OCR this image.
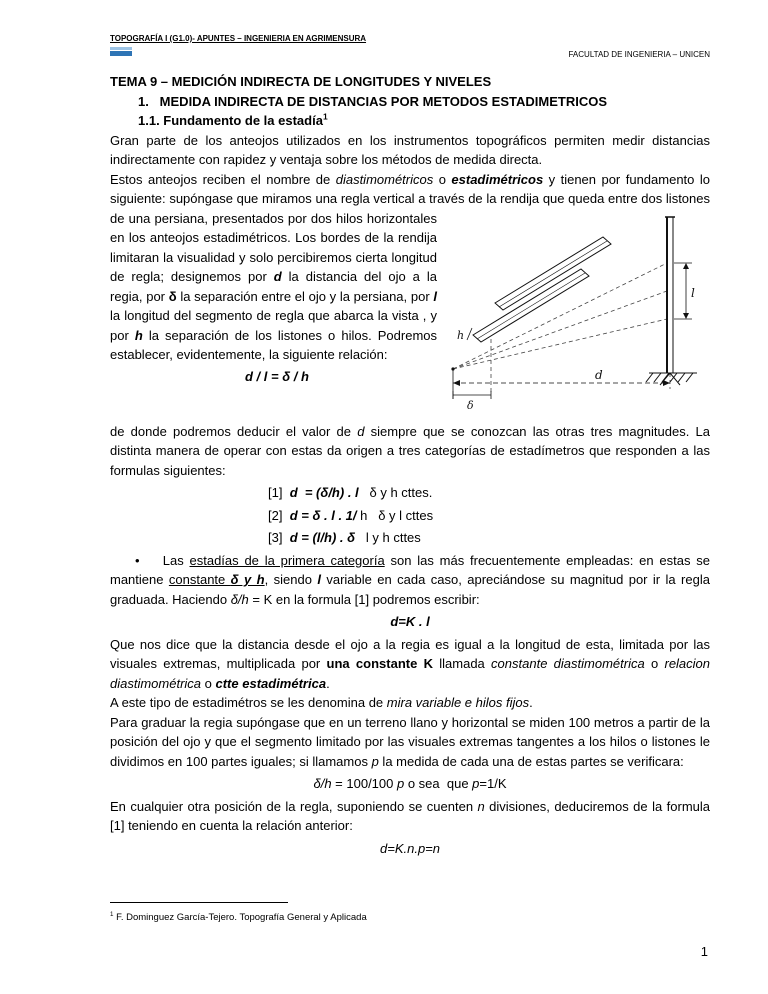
TOPOGRAFÍA I (G1.0)- APUNTES – INGENIERIA EN AGRIMENSURA
FACULTAD DE INGENIERIA – UNICEN
TEMA 9 – MEDICIÓN INDIRECTA DE LONGITUDES Y NIVELES
1.   MEDIDA INDIRECTA DE DISTANCIAS POR METODOS ESTADIMETRICOS
1.1. Fundamento de la estadía$^1$

Gran parte de los anteojos utilizados en los instrumentos topográficos permiten medir distancias indirectamente con rapidez y ventaja sobre los métodos de medida directa.

Estos anteojos reciben el nombre de diastimométricos o estadimétricos y tienen por fundamento lo siguiente: supóngase que miramos una regla vertical a través de la
l
h
d
δ
rendija que queda entre dos listones de una persiana, presentados por dos hilos horizontales en los anteojos estadimétricos. Los bordes de la rendija limitaran la visualidad y solo percibiremos cierta longitud de regla; designemos por d la distancia del ojo a la regia, por δ la separación entre el ojo y la persiana, por l la longitud del segmento de regla que abarca la vista , y por h la separación de los listones o hilos. Podremos establecer, evidentemente, la siguiente relación:

d / l = δ / h

de donde podremos deducir el valor de d siempre que se conozcan las otras tres magnitudes. La distinta manera de operar con estas da origen a tres categorías de estadímetros que responden a las formulas siguientes:

[1]  d  = (δ/h) . l   δ y h cttes.
[2]  d = δ . l . 1/ h   δ y l cttes
[3]  d = (l/h) . δ   l y h cttes

•    Las estadías de la primera categoría son las más frecuentemente empleadas: en estas se mantiene constante δ y h, siendo l variable en cada caso, apreciándose su magnitud por ir la regla graduada. Haciendo δ/h = K en la formula [1] podremos escribir:

d=K . l

Que nos dice que la distancia desde el ojo a la regia es igual a la longitud de esta, limitada por las visuales extremas, multiplicada por una constante K llamada constante diastimométrica o relacion diastimométrica o ctte estadimétrica.

A este tipo de estadimétros se les denomina de mira variable e hilos fijos.

Para graduar la regia supóngase que en un terreno llano y horizontal se miden 100 metros a partir de la posición del ojo y que el segmento limitado por las visuales extremas tangentes a los hilos o listones le dividimos en 100 partes iguales; si llamamos p la medida de cada una de estas partes se verificara:

δ/h = 100/100 p o sea  que p=1/K

En cualquier otra posición de la regla, suponiendo se cuenten n divisiones, deduciremos de la formula [1] teniendo en cuenta la relación anterior:

d=K.n.p=n
$^1$ F. Dominguez García-Tejero. Topografía General y Aplicada
1
